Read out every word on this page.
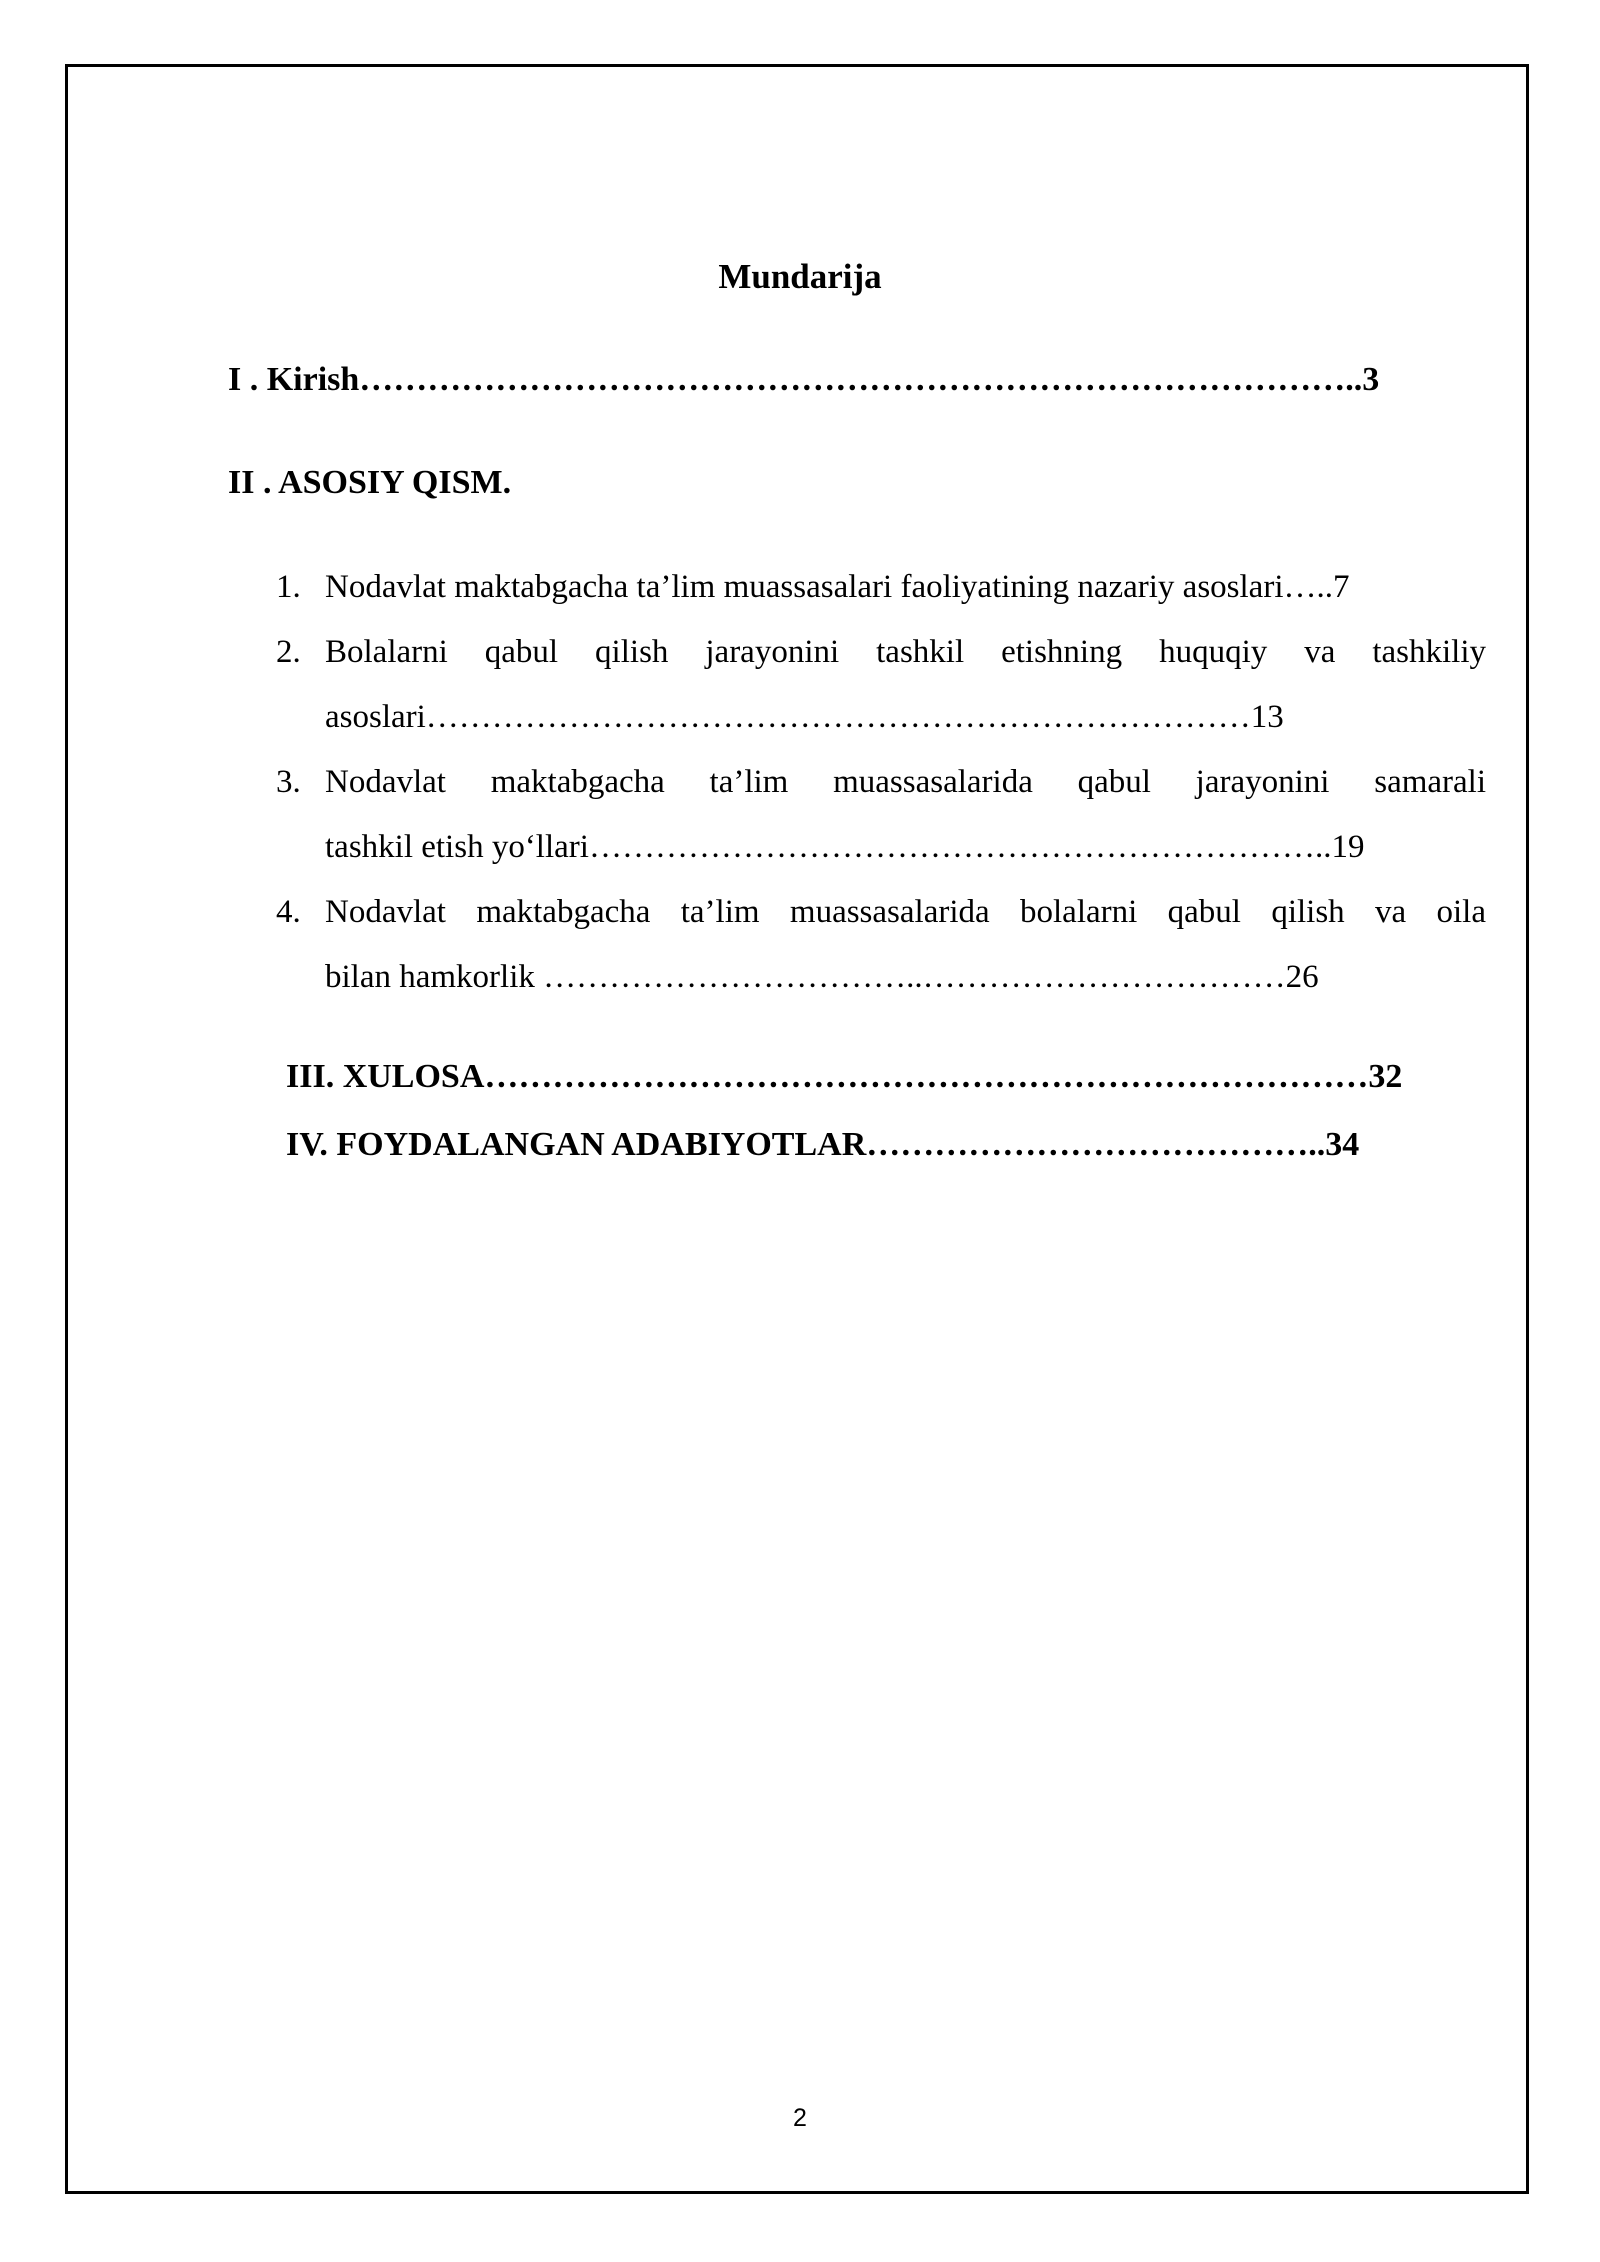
Mundarija
I . Kirish……………………………………………………………………………..3
II . ASOSIY QISM.
1. Nodavlat maktabgacha ta’lim muassasalari faoliyatining nazariy asoslari…..7
2. Bolalarni qabul qilish jarayonini tashkil etishning huquqiy va tashkiliy
asoslari…………………………………………………………………13
3. Nodavlat maktabgacha ta’lim muassasalarida qabul jarayonini samarali
tashkil etish yo‘llari…………………………………………………………..19
4. Nodavlat maktabgacha ta’lim muassasalarida bolalarni qabul qilish va oila
bilan hamkorlik ……………………………..……………………………26
III. XULOSA……………………………………………………………………32
IV. FOYDALANGAN ADABIYOTLAR…………………………………..34
2
